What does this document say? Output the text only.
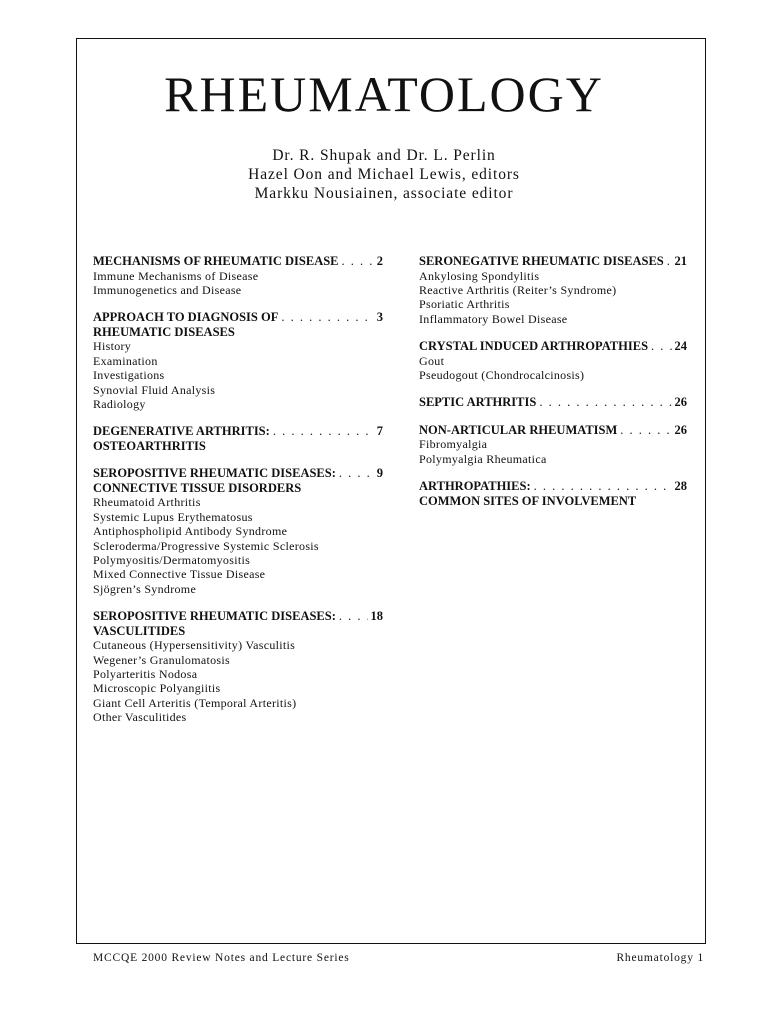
RHEUMATOLOGY
Dr. R. Shupak and Dr. L. Perlin
Hazel Oon and Michael Lewis, editors
Markku Nousiainen, associate editor
MECHANISMS OF RHEUMATIC DISEASE . . .	2
Immune Mechanisms of Disease
Immunogenetics and Disease
APPROACH TO DIAGNOSIS OF . . .	3
RHEUMATIC DISEASES
History
Examination
Investigations
Synovial Fluid Analysis
Radiology
DEGENERATIVE ARTHRITIS: . . .	7
OSTEOARTHRITIS
SEROPOSITIVE RHEUMATIC DISEASES: . . .	9
CONNECTIVE TISSUE DISORDERS
Rheumatoid Arthritis
Systemic Lupus Erythematosus
Antiphospholipid Antibody Syndrome
Scleroderma/Progressive Systemic Sclerosis
Polymyositis/Dermatomyositis
Mixed Connective Tissue Disease
Sjögren’s Syndrome
SEROPOSITIVE RHEUMATIC DISEASES: . . .	18
VASCULITIDES
Cutaneous (Hypersensitivity) Vasculitis
Wegener’s Granulomatosis
Polyarteritis Nodosa
Microscopic Polyangiitis
Giant Cell Arteritis (Temporal Arteritis)
Other Vasculitides
SERONEGATIVE RHEUMATIC DISEASES . . . 21
Ankylosing Spondylitis
Reactive Arthritis (Reiter’s Syndrome)
Psoriatic Arthritis
Inflammatory Bowel Disease
CRYSTAL INDUCED ARTHROPATHIES . . . 24
Gout
Pseudogout (Chondrocalcinosis)
SEPTIC ARTHRITIS . . .	26
NON-ARTICULAR RHEUMATISM . . .	26
Fibromyalgia
Polymyalgia Rheumatica
ARTHROPATHIES: . . .	28
COMMON SITES OF INVOLVEMENT
MCCQE 2000 Review Notes and Lecture Series	Rheumatology 1
